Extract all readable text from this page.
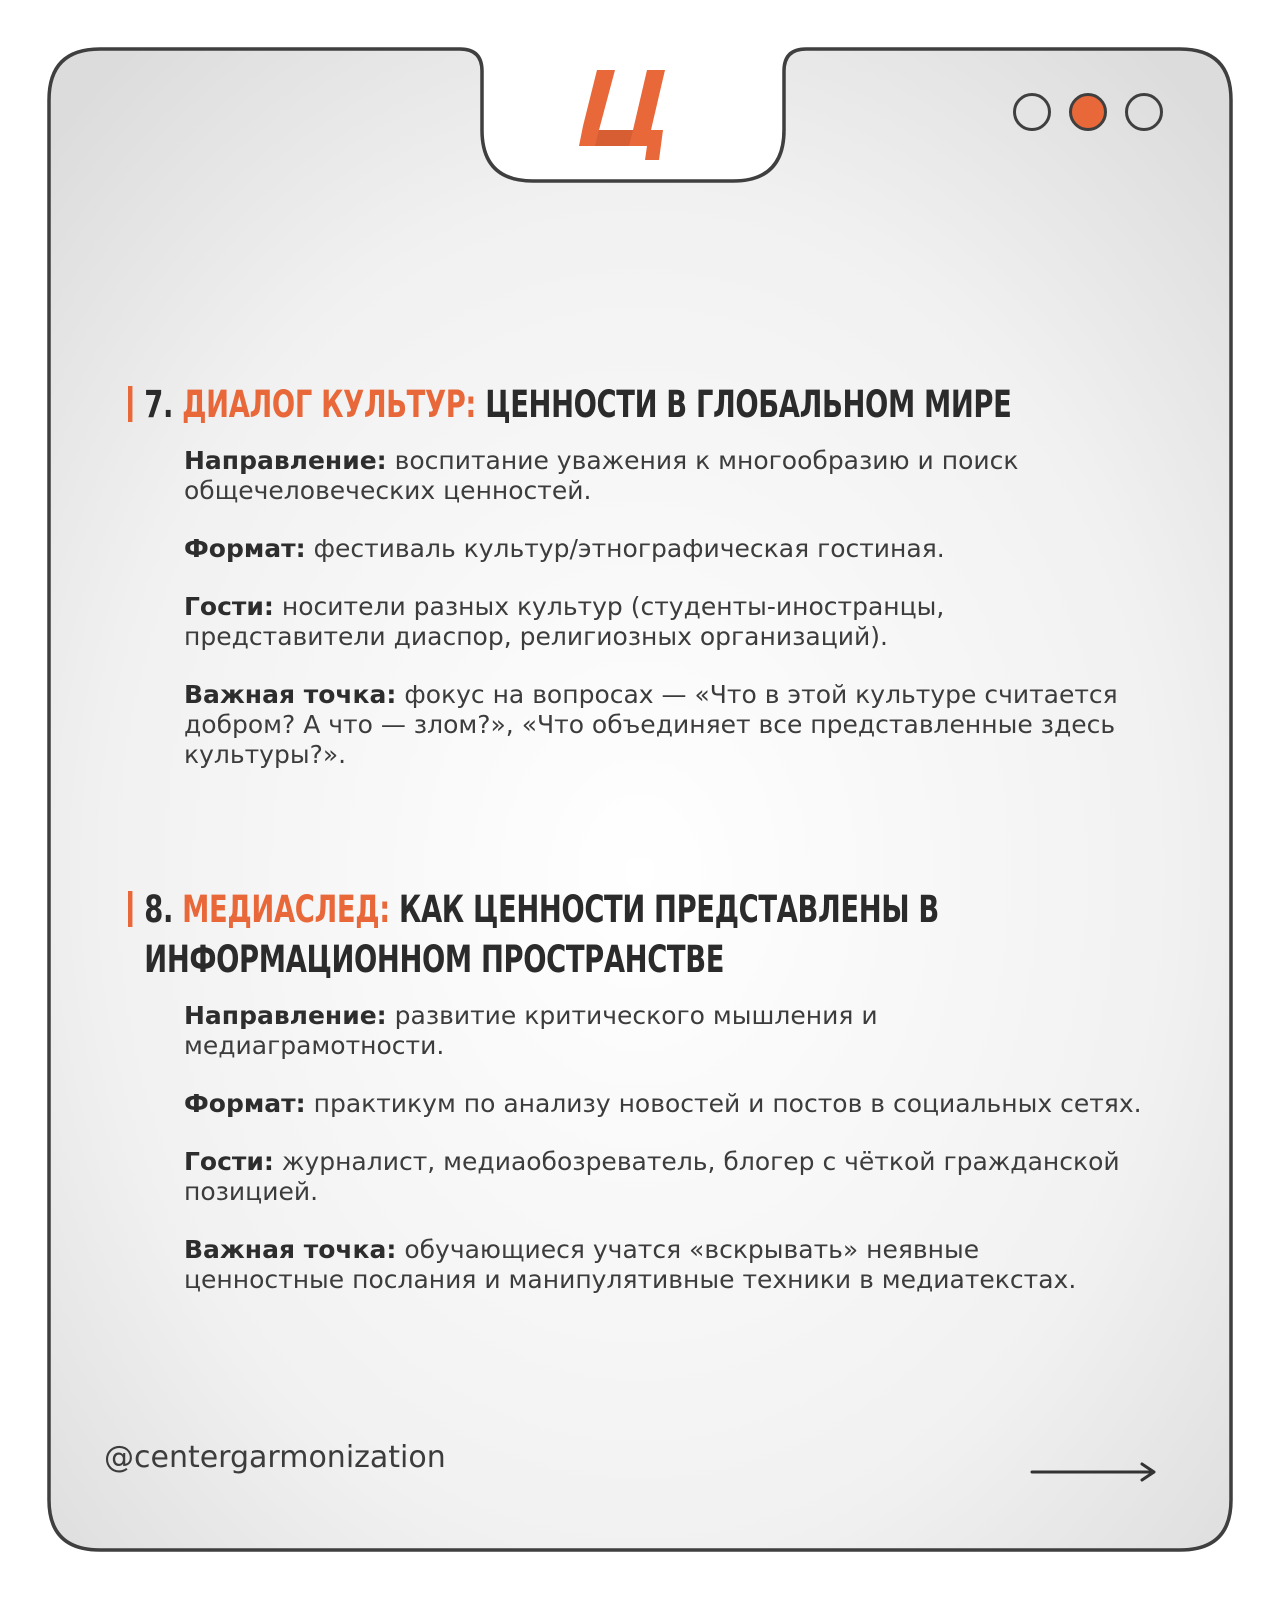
7. ДИАЛОГ КУЛЬТУР: ЦЕННОСТИ В ГЛОБАЛЬНОМ МИРЕ
Направление: воспитание уважения к многообразию и поиск общечеловеческих ценностей.
Формат: фестиваль культур/этнографическая гостиная.
Гости: носители разных культур (студенты-иностранцы, представители диаспор, религиозных организаций).
Важная точка: фокус на вопросах — «Что в этой культуре считается добром? А что — злом?», «Что объединяет все представленные здесь культуры?».
8. МЕДИАСЛЕД: КАК ЦЕННОСТИ ПРЕДСТАВЛЕНЫ В ИНФОРМАЦИОННОМ ПРОСТРАНСТВЕ
Направление: развитие критического мышления и медиаграмотности.
Формат: практикум по анализу новостей и постов в социальных сетях.
Гости: журналист, медиаобозреватель, блогер с чёткой гражданской позицией.
Важная точка: обучающиеся учатся «вскрывать» неявные ценностные послания и манипулятивные техники в медиатекстах.
@centergarmonization
